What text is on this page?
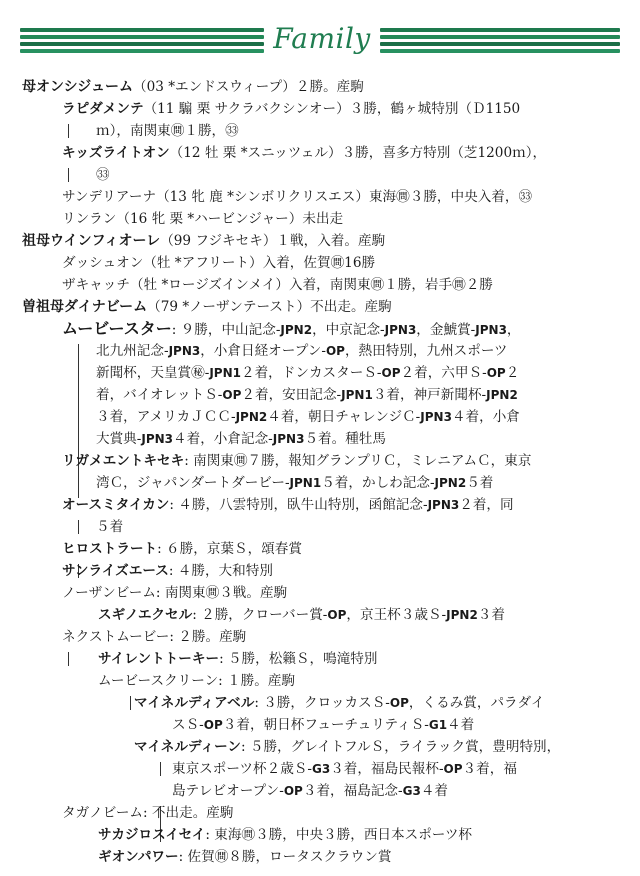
Family
母オンシジューム（03 *エンドスウィープ）２勝。産駒
ラピダメンテ（11 騸 栗 サクラバクシンオー）３勝，鶴ヶ城特別（Ｄ1150
ｍ），南関東㉄１勝，㉝
キッズライトオン（12 牡 栗 *スニッツェル）３勝，喜多方特別（芝1200ｍ），
㉝
サンデリアーナ（13 牝 鹿 *シンボリクリスエス）東海㉄３勝，中央入着，㉝
リンラン（16 牝 栗 *ハービンジャー）未出走
祖母ウインフィオーレ（99 フジキセキ）１戦，入着。産駒
ダッシュオン（牡 *アフリート）入着，佐賀㉄16勝
ザキャッチ（牡 *ロージズインメイ）入着，南関東㉄１勝，岩手㉄２勝
曽祖母ダイナビーム（79 *ノーザンテースト）不出走。産駒
ムービースター: ９勝，中山記念-JPN2，中京記念-JPN3，金鯱賞-JPN3，
北九州記念-JPN3，小倉日経オープン-OP，熱田特別，九州スポーツ
新聞杯，天皇賞㊙-JPN1２着，ドンカスターＳ-OP２着，六甲Ｓ-OP２
着，バイオレットＳ-OP２着，安田記念-JPN1３着，神戸新聞杯-JPN2
３着，アメリカＪＣＣ-JPN2４着，朝日チャレンジＣ-JPN3４着，小倉
大賞典-JPN3４着，小倉記念-JPN3５着。種牡馬
リガメエントキセキ: 南関東㉄７勝，報知グランプリＣ，ミレニアムＣ，東京
湾Ｃ，ジャパンダートダービー-JPN1５着，かしわ記念-JPN2５着
オースミタイカン: ４勝，八雲特別，臥牛山特別，函館記念-JPN3２着，同
５着
ヒロストラート: ６勝，京葉Ｓ，頌春賞
サンライズエース: ４勝，大和特別
ノーザンビーム: 南関東㉄３戦。産駒
スギノエクセル: ２勝，クローバー賞-OP，京王杯３歳Ｓ-JPN2３着
ネクストムービー: ２勝。産駒
サイレントトーキー: ５勝，松籟Ｓ，鳴滝特別
ムービースクリーン: １勝。産駒
マイネルディアベル: ３勝，クロッカスＳ-OP，くるみ賞，パラダイ
スＳ-OP３着，朝日杯フューチュリティＳ-G1４着
マイネルディーン: ５勝，グレイトフルＳ，ライラック賞，豊明特別，
東京スポーツ杯２歳Ｓ-G3３着，福島民報杯-OP３着，福
島テレビオープン-OP３着，福島記念-G3４着
タガノビーム: 不出走。産駒
サカジロスイセイ: 東海㉄３勝，中央３勝，西日本スポーツ杯
ギオンパワー: 佐賀㉄８勝，ロータスクラウン賞
